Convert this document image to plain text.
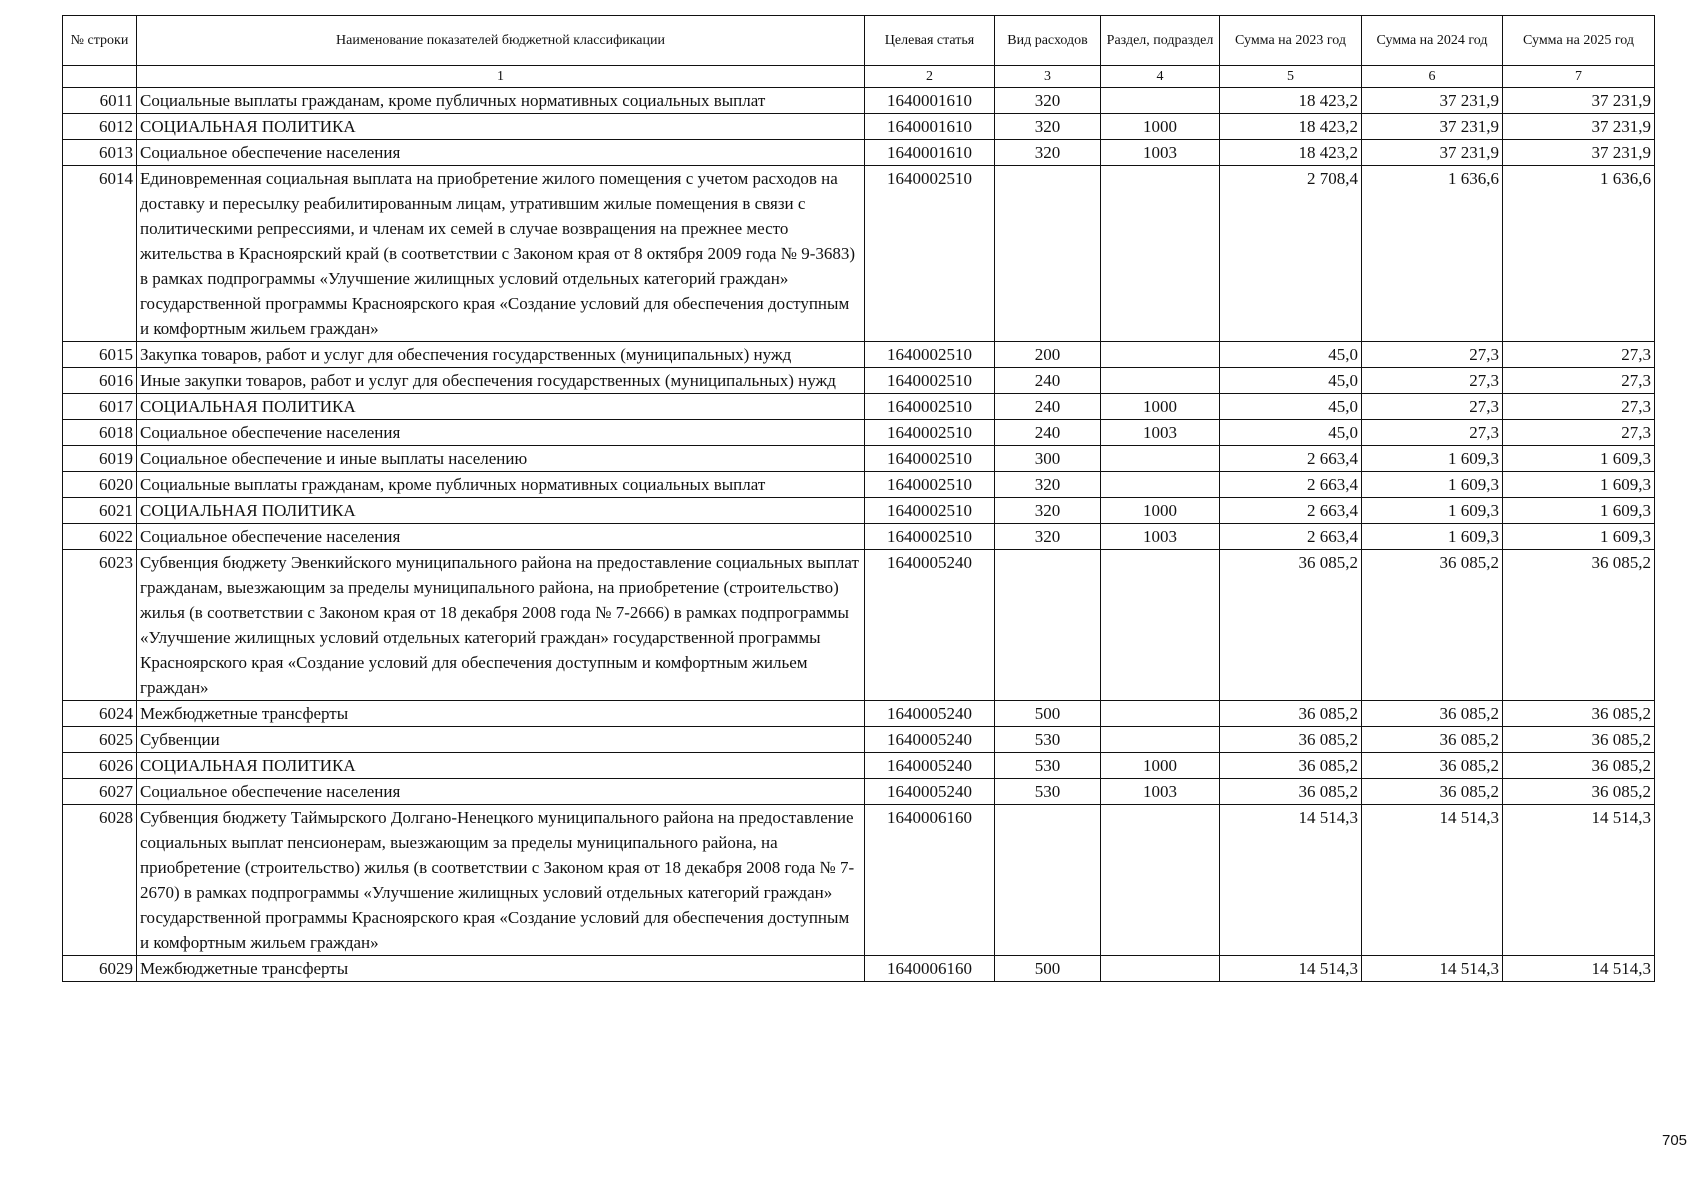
№ строки	Наименование показателей бюджетной классификации	Целевая статья	Вид расходов	Раздел, подраздел	Сумма на 2023 год	Сумма на 2024 год	Сумма на 2025 год
	1	2	3	4	5	6	7
6011	Социальные выплаты гражданам, кроме публичных нормативных социальных выплат	1640001610	320		18 423,2	37 231,9	37 231,9
6012	СОЦИАЛЬНАЯ ПОЛИТИКА	1640001610	320	1000	18 423,2	37 231,9	37 231,9
6013	Социальное обеспечение населения	1640001610	320	1003	18 423,2	37 231,9	37 231,9
6014	Единовременная социальная выплата на приобретение жилого помещения с учетом расходов на доставку и пересылку реабилитированным лицам, утратившим жилые помещения в связи с политическими репрессиями, и членам их семей в случае возвращения на прежнее место жительства в Красноярский край (в соответствии с Законом края от 8 октября 2009 года № 9-3683) в рамках подпрограммы «Улучшение жилищных условий отдельных категорий граждан» государственной программы Красноярского края «Создание условий для обеспечения доступным и комфортным жильем граждан»	1640002510			2 708,4	1 636,6	1 636,6
6015	Закупка товаров, работ и услуг для обеспечения государственных (муниципальных) нужд	1640002510	200		45,0	27,3	27,3
6016	Иные закупки товаров, работ и услуг для обеспечения государственных (муниципальных) нужд	1640002510	240		45,0	27,3	27,3
6017	СОЦИАЛЬНАЯ ПОЛИТИКА	1640002510	240	1000	45,0	27,3	27,3
6018	Социальное обеспечение населения	1640002510	240	1003	45,0	27,3	27,3
6019	Социальное обеспечение и иные выплаты населению	1640002510	300		2 663,4	1 609,3	1 609,3
6020	Социальные выплаты гражданам, кроме публичных нормативных социальных выплат	1640002510	320		2 663,4	1 609,3	1 609,3
6021	СОЦИАЛЬНАЯ ПОЛИТИКА	1640002510	320	1000	2 663,4	1 609,3	1 609,3
6022	Социальное обеспечение населения	1640002510	320	1003	2 663,4	1 609,3	1 609,3
6023	Субвенция бюджету Эвенкийского муниципального района на предоставление социальных выплат гражданам, выезжающим за пределы муниципального района, на приобретение (строительство) жилья (в соответствии с Законом края от 18 декабря 2008 года № 7-2666) в рамках подпрограммы «Улучшение жилищных условий отдельных категорий граждан» государственной программы Красноярского края «Создание условий для обеспечения доступным и комфортным жильем граждан»	1640005240			36 085,2	36 085,2	36 085,2
6024	Межбюджетные трансферты	1640005240	500		36 085,2	36 085,2	36 085,2
6025	Субвенции	1640005240	530		36 085,2	36 085,2	36 085,2
6026	СОЦИАЛЬНАЯ ПОЛИТИКА	1640005240	530	1000	36 085,2	36 085,2	36 085,2
6027	Социальное обеспечение населения	1640005240	530	1003	36 085,2	36 085,2	36 085,2
6028	Субвенция бюджету Таймырского Долгано-Ненецкого муниципального района на предоставление социальных выплат пенсионерам, выезжающим за пределы муниципального района, на приобретение (строительство) жилья (в соответствии с Законом края от 18 декабря 2008 года № 7-2670) в рамках подпрограммы «Улучшение жилищных условий отдельных категорий граждан» государственной программы Красноярского края «Создание условий для обеспечения доступным и комфортным жильем граждан»	1640006160			14 514,3	14 514,3	14 514,3
6029	Межбюджетные трансферты	1640006160	500		14 514,3	14 514,3	14 514,3
705
